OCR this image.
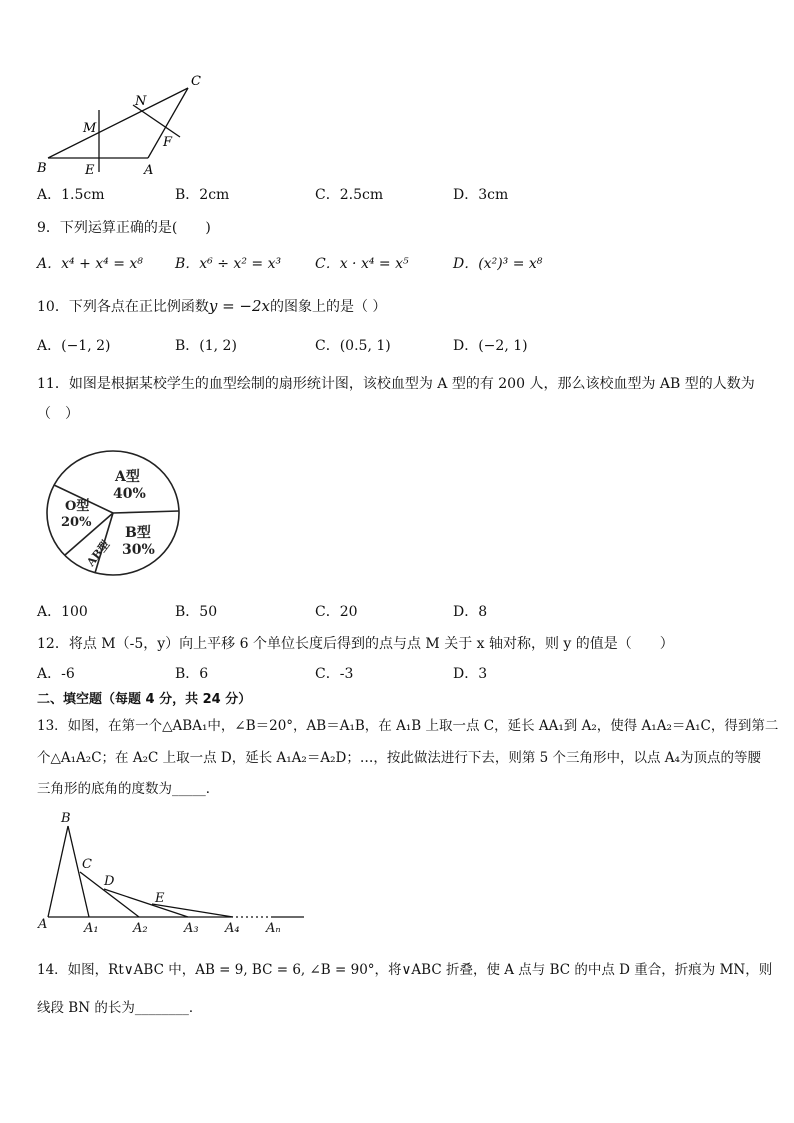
C
N
M
F
B	E	A
A．1.5cm	B．2cm	C．2.5cm	D．3cm
9．下列运算正确的是(　　)
A．x⁴ + x⁴ = x⁸ B．x⁶ ÷ x² = x³ C．x · x⁴ = x⁵	D．(x²)³ = x⁸
10．下列各点在正比例函数y = −2x的图象上的是（ ）
A．(−1, 2)	B．(1, 2)	C．(0.5, 1)	D．(−2, 1)
11．如图是根据某校学生的血型绘制的扇形统计图，该校血型为 A 型的有 200 人，那么该校血型为 AB 型的人数为
（　）
A型
40%
O型
20%
B型
30%
AB型
A．100	B．50	C．20	D．8
12．将点 M（-5，y）向上平移 6 个单位长度后得到的点与点 M 关于 x 轴对称，则 y 的值是（　　）
A．-6	B．6	C．-3	D．3
二、填空题（每题 4 分，共 24 分）
13．如图，在第一个△ABA₁中，∠B＝20°，AB＝A₁B，在 A₁B 上取一点 C，延长 AA₁到 A₂，使得 A₁A₂＝A₁C，得到第二
个△A₁A₂C；在 A₂C 上取一点 D，延长 A₁A₂＝A₂D；…，按此做法进行下去，则第 5 个三角形中，以点 A₄为顶点的等腰
三角形的底角的度数为_____．
B
C
D
E
A	A₁	A₂	A₃ A₄ Aₙ
14．如图，Rt∨ABC 中，AB = 9, BC = 6, ∠B = 90°，将∨ABC 折叠，使 A 点与 BC 的中点 D 重合，折痕为 MN，则
线段 BN 的长为________．
